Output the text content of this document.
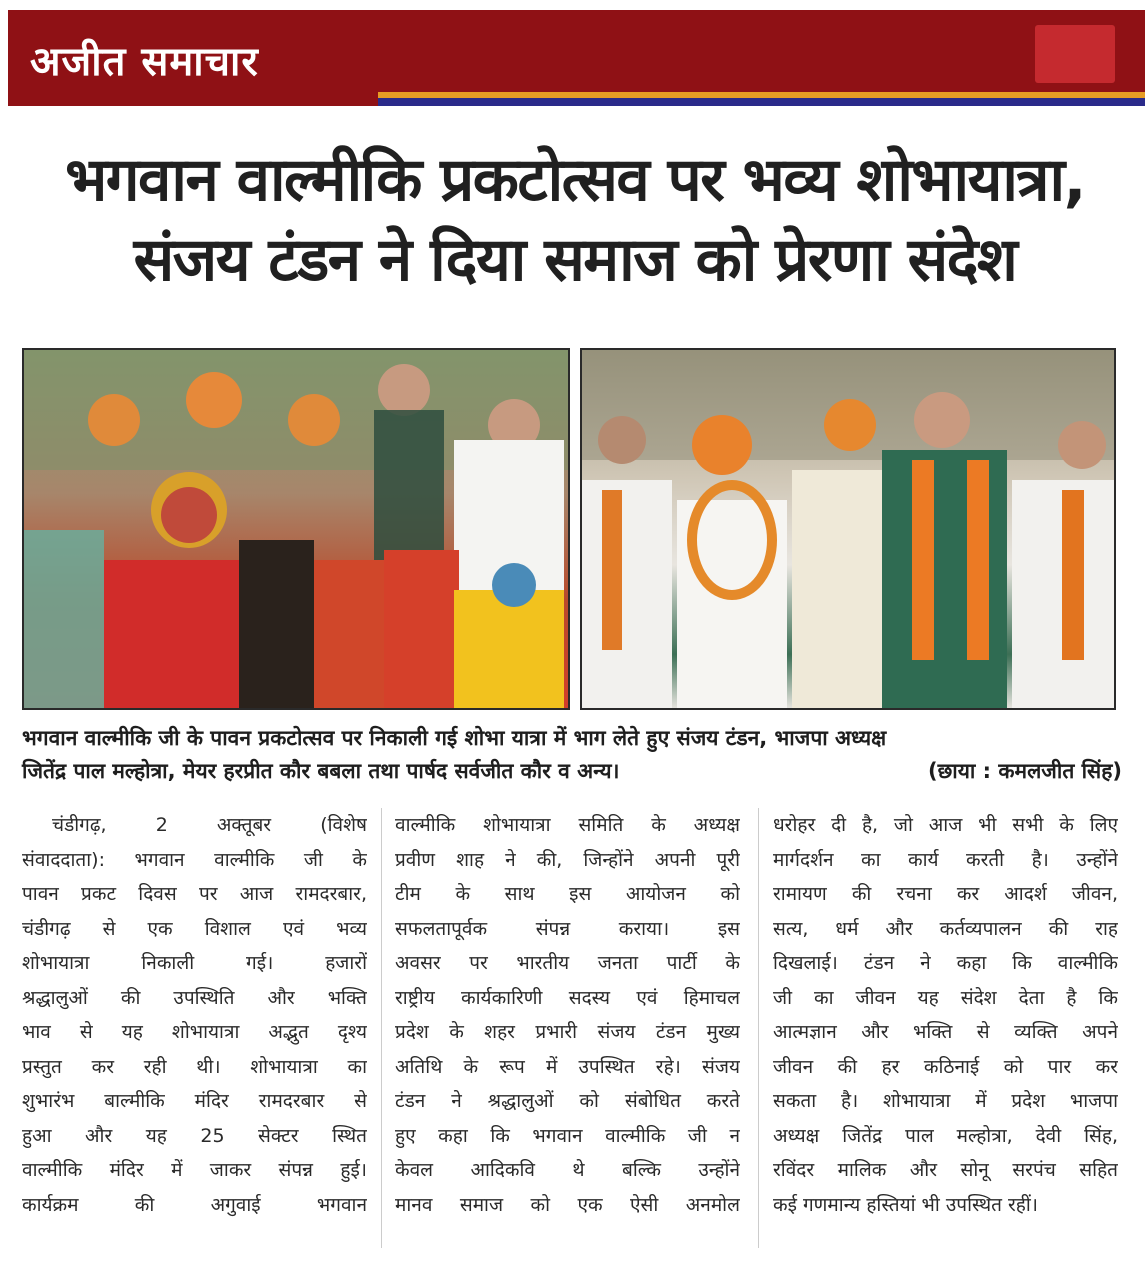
अजीत समाचार
भगवान वाल्मीकि प्रकटोत्सव पर भव्य शोभायात्रा,
संजय टंडन ने दिया समाज को प्रेरणा संदेश
भगवान वाल्मीकि जी के पावन प्रकटोत्सव पर निकाली गई शोभा यात्रा में भाग लेते हुए संजय टंडन, भाजपा अध्यक्ष
जितेंद्र पाल मल्होत्रा, मेयर हरप्रीत कौर बबला तथा पार्षद सर्वजीत कौर व अन्य।	(छाया : कमलजीत सिंह)
चंडीगढ़, 2 अक्तूबर (विशेष
संवाददाता): भगवान वाल्मीकि जी के
पावन प्रकट दिवस पर आज रामदरबार,
चंडीगढ़ से एक विशाल एवं भव्य
शोभायात्रा निकाली गई। हजारों
श्रद्धालुओं की उपस्थिति और भक्ति
भाव से यह शोभायात्रा अद्भुत दृश्य
प्रस्तुत कर रही थी। शोभायात्रा का
शुभारंभ बाल्मीकि मंदिर रामदरबार से
हुआ और यह 25 सेक्टर स्थित
वाल्मीकि मंदिर में जाकर संपन्न हुई।
कार्यक्रम की अगुवाई भगवान
वाल्मीकि शोभायात्रा समिति के अध्यक्ष
प्रवीण शाह ने की, जिन्होंने अपनी पूरी
टीम के साथ इस आयोजन को
सफलतापूर्वक संपन्न कराया। इस
अवसर पर भारतीय जनता पार्टी के
राष्ट्रीय कार्यकारिणी सदस्य एवं हिमाचल
प्रदेश के शहर प्रभारी संजय टंडन मुख्य
अतिथि के रूप में उपस्थित रहे। संजय
टंडन ने श्रद्धालुओं को संबोधित करते
हुए कहा कि भगवान वाल्मीकि जी न
केवल आदिकवि थे बल्कि उन्होंने
मानव समाज को एक ऐसी अनमोल
धरोहर दी है, जो आज भी सभी के लिए
मार्गदर्शन का कार्य करती है। उन्होंने
रामायण की रचना कर आदर्श जीवन,
सत्य, धर्म और कर्तव्यपालन की राह
दिखलाई। टंडन ने कहा कि वाल्मीकि
जी का जीवन यह संदेश देता है कि
आत्मज्ञान और भक्ति से व्यक्ति अपने
जीवन की हर कठिनाई को पार कर
सकता है। शोभायात्रा में प्रदेश भाजपा
अध्यक्ष जितेंद्र पाल मल्होत्रा, देवी सिंह,
रविंदर मालिक और सोनू सरपंच सहित
कई गणमान्य हस्तियां भी उपस्थित रहीं।
